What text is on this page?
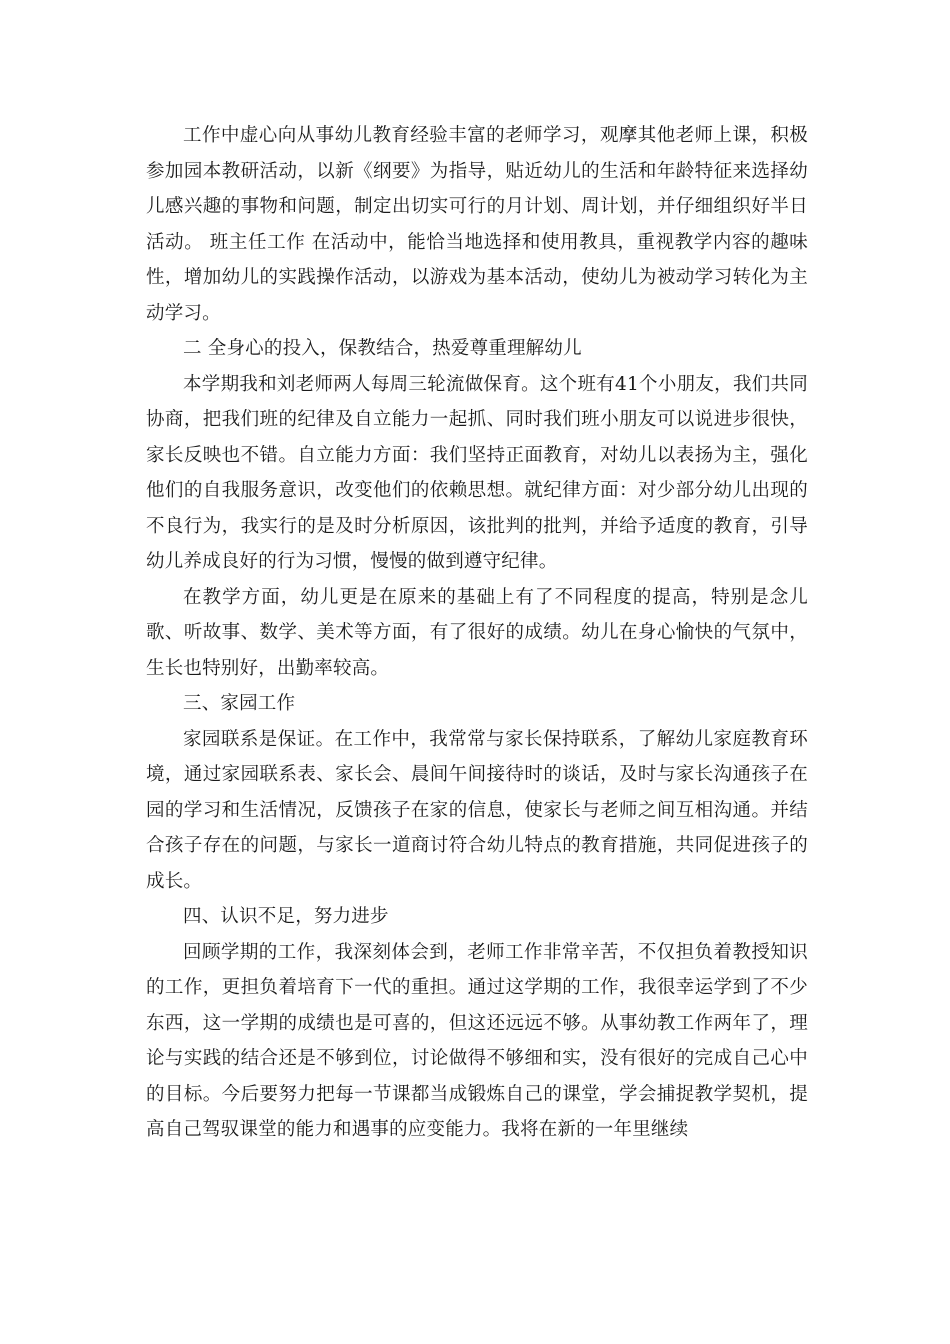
工作中虚心向从事幼儿教育经验丰富的老师学习，观摩其他老师上课，积极参加园本教研活动，以新《纲要》为指导，贴近幼儿的生活和年龄特征来选择幼儿感兴趣的事物和问题，制定出切实可行的月计划、周计划，并仔细组织好半日活动。 班主任工作 在活动中，能恰当地选择和使用教具，重视教学内容的趣味性，增加幼儿的实践操作活动，以游戏为基本活动，使幼儿为被动学习转化为主动学习。

二 全身心的投入，保教结合，热爱尊重理解幼儿

本学期我和刘老师两人每周三轮流做保育。这个班有41个小朋友，我们共同协商，把我们班的纪律及自立能力一起抓、同时我们班小朋友可以说进步很快，家长反映也不错。自立能力方面：我们坚持正面教育，对幼儿以表扬为主，强化他们的自我服务意识，改变他们的依赖思想。就纪律方面：对少部分幼儿出现的不良行为，我实行的是及时分析原因，该批判的批判，并给予适度的教育，引导幼儿养成良好的行为习惯，慢慢的做到遵守纪律。

在教学方面，幼儿更是在原来的基础上有了不同程度的提高，特别是念儿歌、听故事、数学、美术等方面，有了很好的成绩。幼儿在身心愉快的气氛中，生长也特别好，出勤率较高。

三、家园工作

家园联系是保证。在工作中，我常常与家长保持联系，了解幼儿家庭教育环境，通过家园联系表、家长会、晨间午间接待时的谈话，及时与家长沟通孩子在园的学习和生活情况，反馈孩子在家的信息，使家长与老师之间互相沟通。并结合孩子存在的问题，与家长一道商讨符合幼儿特点的教育措施，共同促进孩子的成长。

四、认识不足，努力进步

回顾学期的工作，我深刻体会到，老师工作非常辛苦，不仅担负着教授知识的工作，更担负着培育下一代的重担。通过这学期的工作，我很幸运学到了不少东西，这一学期的成绩也是可喜的，但这还远远不够。从事幼教工作两年了，理论与实践的结合还是不够到位，讨论做得不够细和实，没有很好的完成自己心中的目标。今后要努力把每一节课都当成锻炼自己的课堂，学会捕捉教学契机，提高自己驾驭课堂的能力和遇事的应变能力。我将在新的一年里继续
